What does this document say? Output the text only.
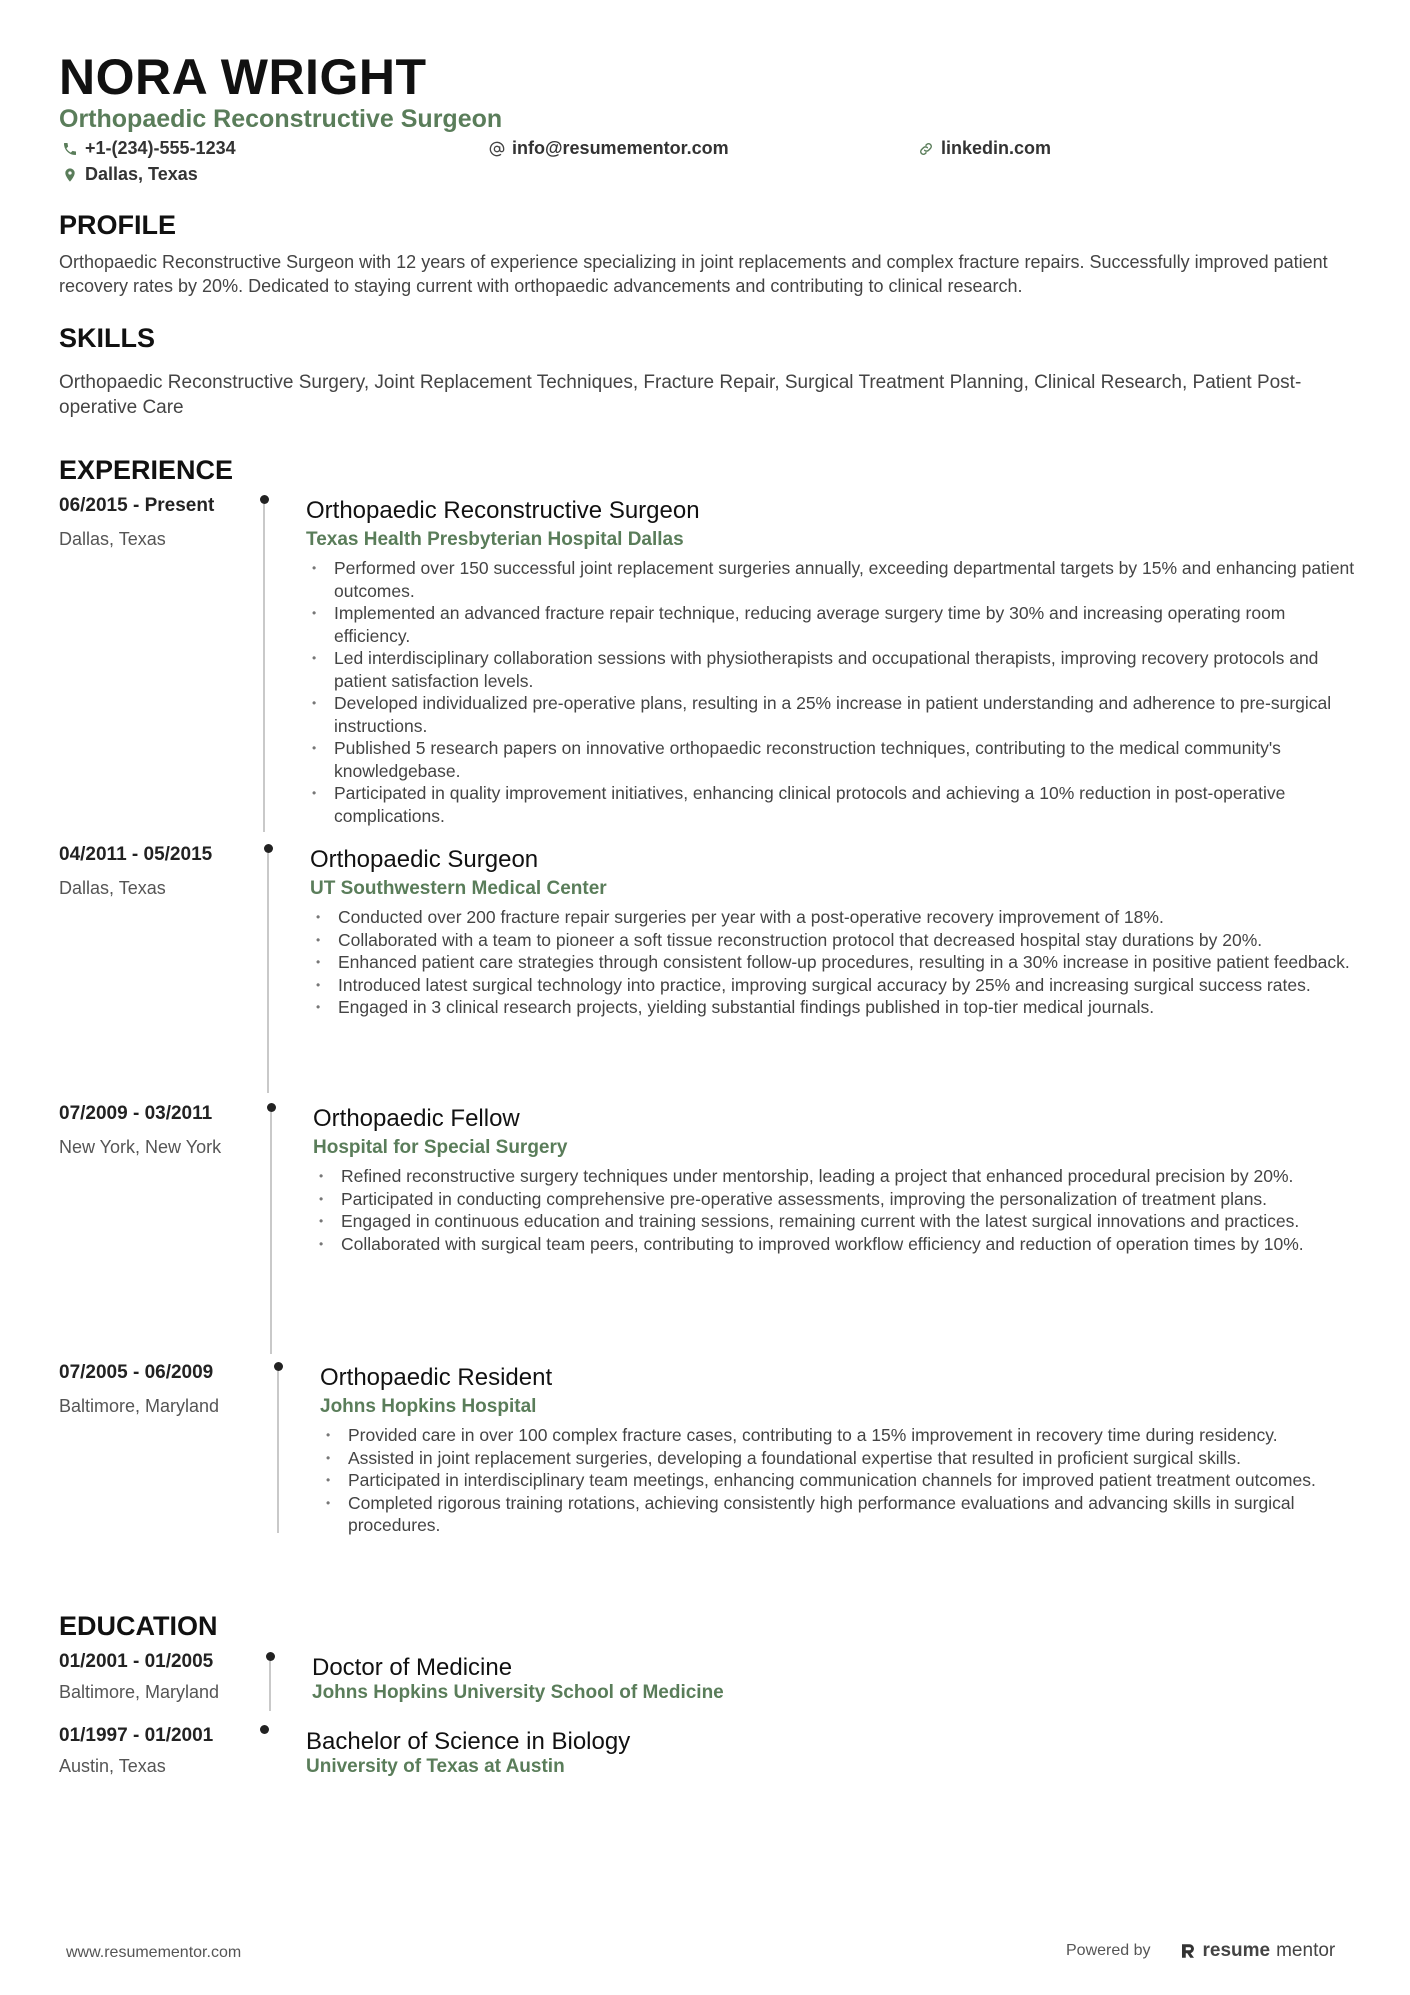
NORA WRIGHT
Orthopaedic Reconstructive Surgeon
+1-(234)-555-1234	info@resumementor.com	linkedin.com
Dallas, Texas
PROFILE
Orthopaedic Reconstructive Surgeon with 12 years of experience specializing in joint replacements and complex fracture repairs. Successfully improved patient recovery rates by 20%. Dedicated to staying current with orthopaedic advancements and contributing to clinical research.
SKILLS
Orthopaedic Reconstructive Surgery, Joint Replacement Techniques, Fracture Repair, Surgical Treatment Planning, Clinical Research, Patient Post-operative Care
EXPERIENCE
06/2015 - Present
Dallas, Texas
Orthopaedic Reconstructive Surgeon
Texas Health Presbyterian Hospital Dallas
• Performed over 150 successful joint replacement surgeries annually, exceeding departmental targets by 15% and enhancing patient outcomes.
• Implemented an advanced fracture repair technique, reducing average surgery time by 30% and increasing operating room efficiency.
• Led interdisciplinary collaboration sessions with physiotherapists and occupational therapists, improving recovery protocols and patient satisfaction levels.
• Developed individualized pre-operative plans, resulting in a 25% increase in patient understanding and adherence to pre-surgical instructions.
• Published 5 research papers on innovative orthopaedic reconstruction techniques, contributing to the medical community's knowledgebase.
• Participated in quality improvement initiatives, enhancing clinical protocols and achieving a 10% reduction in post-operative complications.
04/2011 - 05/2015
Dallas, Texas
Orthopaedic Surgeon
UT Southwestern Medical Center
• Conducted over 200 fracture repair surgeries per year with a post-operative recovery improvement of 18%.
• Collaborated with a team to pioneer a soft tissue reconstruction protocol that decreased hospital stay durations by 20%.
• Enhanced patient care strategies through consistent follow-up procedures, resulting in a 30% increase in positive patient feedback.
• Introduced latest surgical technology into practice, improving surgical accuracy by 25% and increasing surgical success rates.
• Engaged in 3 clinical research projects, yielding substantial findings published in top-tier medical journals.
07/2009 - 03/2011
New York, New York
Orthopaedic Fellow
Hospital for Special Surgery
• Refined reconstructive surgery techniques under mentorship, leading a project that enhanced procedural precision by 20%.
• Participated in conducting comprehensive pre-operative assessments, improving the personalization of treatment plans.
• Engaged in continuous education and training sessions, remaining current with the latest surgical innovations and practices.
• Collaborated with surgical team peers, contributing to improved workflow efficiency and reduction of operation times by 10%.
07/2005 - 06/2009
Baltimore, Maryland
Orthopaedic Resident
Johns Hopkins Hospital
• Provided care in over 100 complex fracture cases, contributing to a 15% improvement in recovery time during residency.
• Assisted in joint replacement surgeries, developing a foundational expertise that resulted in proficient surgical skills.
• Participated in interdisciplinary team meetings, enhancing communication channels for improved patient treatment outcomes.
• Completed rigorous training rotations, achieving consistently high performance evaluations and advancing skills in surgical procedures.
EDUCATION
01/2001 - 01/2005
Baltimore, Maryland
Doctor of Medicine
Johns Hopkins University School of Medicine
01/1997 - 01/2001
Austin, Texas
Bachelor of Science in Biology
University of Texas at Austin
www.resumementor.com	Powered by	resume mentor
